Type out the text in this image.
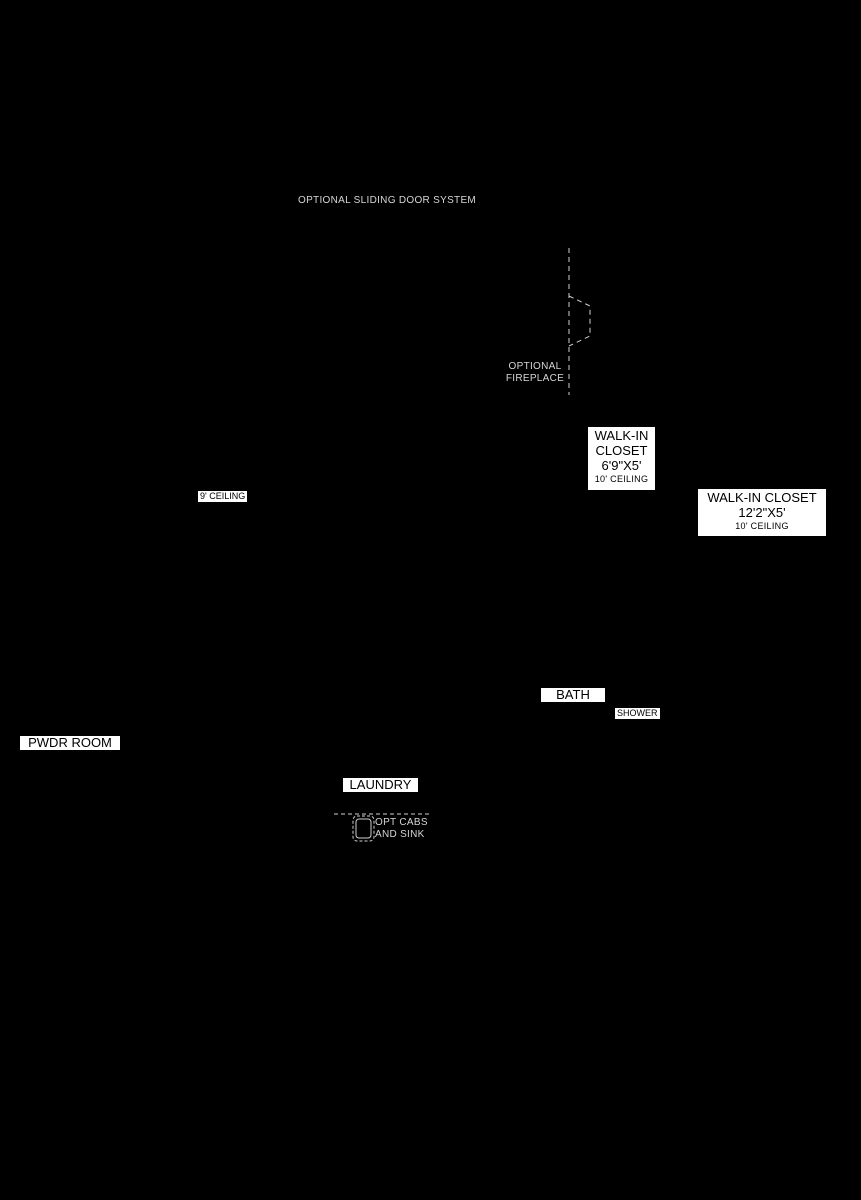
OPTIONAL SLIDING DOOR SYSTEM
OPTIONAL
FIREPLACE
9' CEILING
WALK-IN
CLOSET
6'9"X5'
10' CEILING
WALK-IN CLOSET
12'2"X5'
10' CEILING
BATH
SHOWER
PWDR ROOM
LAUNDRY
OPT CABS
AND SINK
